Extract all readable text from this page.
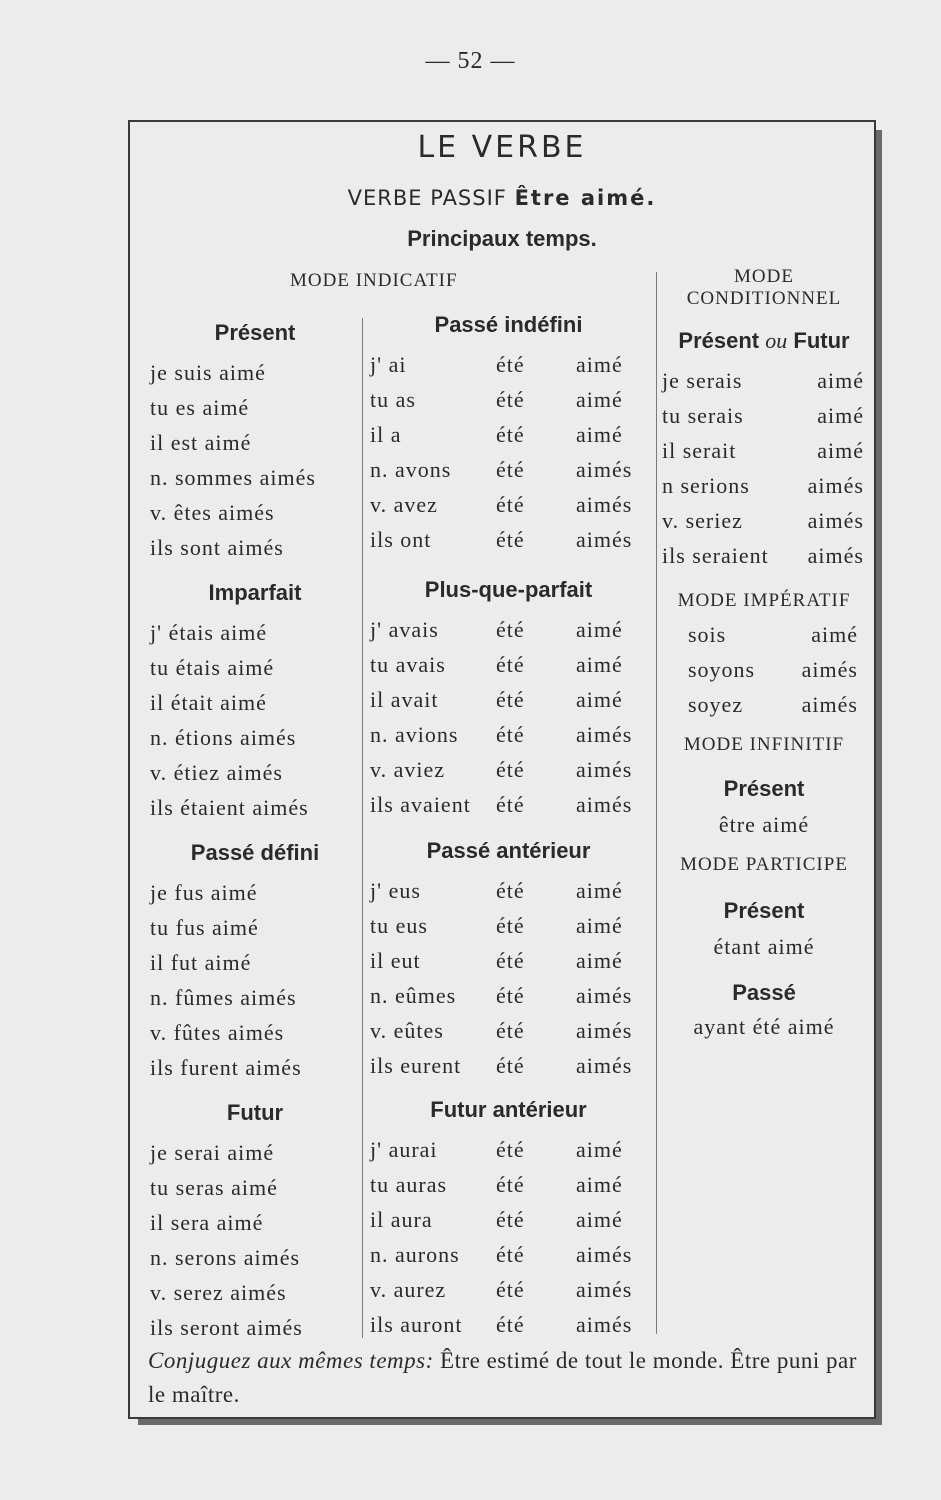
— 52 —
LE VERBE
VERBE PASSIF Être aimé.
Principaux temps.
MODE INDICATIF
Présent
je suis aimé
tu es aimé
il est aimé
n. sommes aimés
v. êtes aimés
ils sont aimés
Imparfait
j' étais aimé
tu étais aimé
il était aimé
n. étions aimés
v. étiez aimés
ils étaient aimés
Passé défini
je fus aimé
tu fus aimé
il fut aimé
n. fûmes aimés
v. fûtes aimés
ils furent aimés
Futur
je serai aimé
tu seras aimé
il sera aimé
n. serons aimés
v. serez aimés
ils seront aimés
Passé indéfini
j' ai	été aimé
tu as	été aimé
il a	été aimé
n. avons été aimés
v. avez	été aimés
ils ont	été aimés
Plus-que-parfait
j' avais	été aimé
tu avais été aimé
il avait	été aimé
n. avions été aimés
v. aviez été aimés
ils avaient été aimés
Passé antérieur
j' eus	été aimé
tu eus	été aimé
il eut	été aimé
n. eûmes été aimés
v. eûtes été aimés
ils eurent été aimés
Futur antérieur
j' aurai	été aimé
tu auras été aimé
il aura	été aimé
n. aurons été aimés
v. aurez été aimés
ils auront été aimés
MODE
CONDITIONNEL
Présent ou Futur
je serais	aimé
tu serais	aimé
il serait	aimé
n serions	aimés
v. seriez	aimés
ils seraient aimés
MODE IMPÉRATIF
sois	aimé
soyons aimés
soyez	aimés
MODE INFINITIF
Présent
être aimé
MODE PARTICIPE
Présent
étant aimé
Passé
ayant été aimé
Conjuguez aux mêmes temps: Être estimé de tout le monde. Être puni par le maître.
